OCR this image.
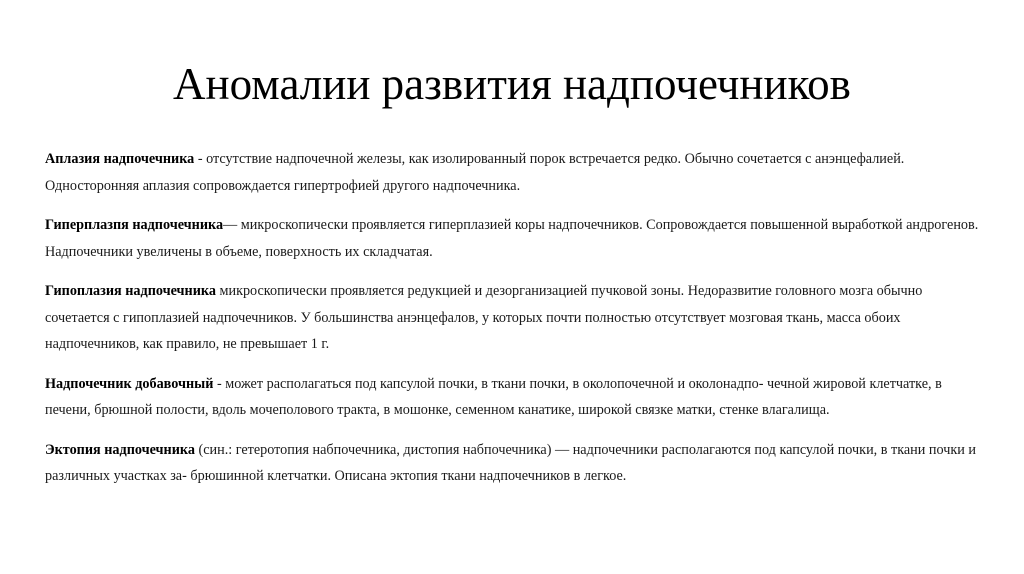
Аномалии развития надпочечников

Аплазия надпочечника - отсутствие надпочечной железы, как изолированный порок встречается редко. Обычно сочетается с анэнцефалией. Односторонняя аплазия сопровождается гипертрофией другого надпочечника.

Гиперплазпя надпочечника— микроскопически проявляется гиперплазией коры надпочечников. Сопровождается повышенной выработкой андрогенов. Надпочечники увеличены в объеме, поверхность их складчатая.

Гипоплазия надпочечника микроскопически проявляется редукцией и дезорганизацией пучковой зоны. Недоразвитие головного мозга обычно сочетается с гипоплазией надпочечников. У большинства анэнцефалов, у которых почти полностью отсутствует мозговая ткань, масса обоих надпочечников, как правило, не превышает 1 г.

Надпочечник добавочный - может располагаться под капсулой почки, в ткани почки, в околопочечной и околонадпо- чечной жировой клетчатке, в печени, брюшной полости, вдоль мочеполового тракта, в мошонке, семенном канатике, широкой связке матки, стенке влагалища.

Эктопия надпочечника (син.: гетеротопия набпочечника, дистопия набпочечника) — надпочечники располагаются под капсулой почки, в ткани почки и различных участках за- брюшинной клетчатки. Описана эктопия ткани надпочечников в легкое.
